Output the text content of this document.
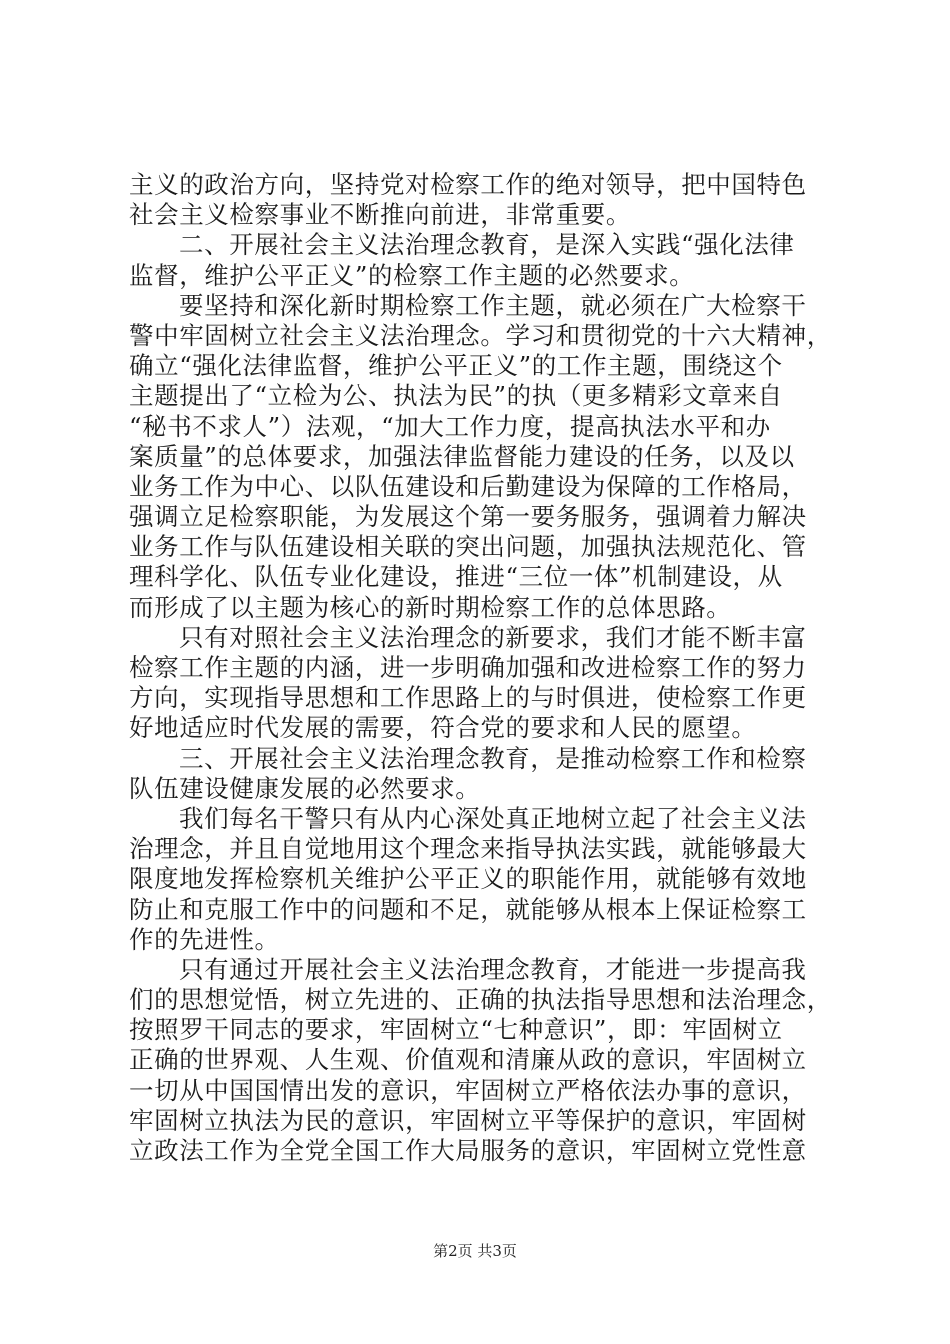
主义的政治方向，坚持党对检察工作的绝对领导，把中国特色
社会主义检察事业不断推向前进，非常重要。
二、开展社会主义法治理念教育，是深入实践“强化法律
监督，维护公平正义”的检察工作主题的必然要求。
要坚持和深化新时期检察工作主题，就必须在广大检察干
警中牢固树立社会主义法治理念。学习和贯彻党的十六大精神，
确立“强化法律监督，维护公平正义”的工作主题，围绕这个
主题提出了“立检为公、执法为民”的执（更多精彩文章来自
“秘书不求人”）法观，“加大工作力度，提高执法水平和办
案质量”的总体要求，加强法律监督能力建设的任务，以及以
业务工作为中心、以队伍建设和后勤建设为保障的工作格局，
强调立足检察职能，为发展这个第一要务服务，强调着力解决
业务工作与队伍建设相关联的突出问题，加强执法规范化、管
理科学化、队伍专业化建设，推进“三位一体”机制建设，从
而形成了以主题为核心的新时期检察工作的总体思路。
只有对照社会主义法治理念的新要求，我们才能不断丰富
检察工作主题的内涵，进一步明确加强和改进检察工作的努力
方向，实现指导思想和工作思路上的与时俱进，使检察工作更
好地适应时代发展的需要，符合党的要求和人民的愿望。
三、开展社会主义法治理念教育，是推动检察工作和检察
队伍建设健康发展的必然要求。
我们每名干警只有从内心深处真正地树立起了社会主义法
治理念，并且自觉地用这个理念来指导执法实践，就能够最大
限度地发挥检察机关维护公平正义的职能作用，就能够有效地
防止和克服工作中的问题和不足，就能够从根本上保证检察工
作的先进性。
只有通过开展社会主义法治理念教育，才能进一步提高我
们的思想觉悟，树立先进的、正确的执法指导思想和法治理念，
按照罗干同志的要求，牢固树立“七种意识”，即：牢固树立
正确的世界观、人生观、价值观和清廉从政的意识，牢固树立
一切从中国国情出发的意识，牢固树立严格依法办事的意识，
牢固树立执法为民的意识，牢固树立平等保护的意识，牢固树
立政法工作为全党全国工作大局服务的意识，牢固树立党性意
第2页 共3页
